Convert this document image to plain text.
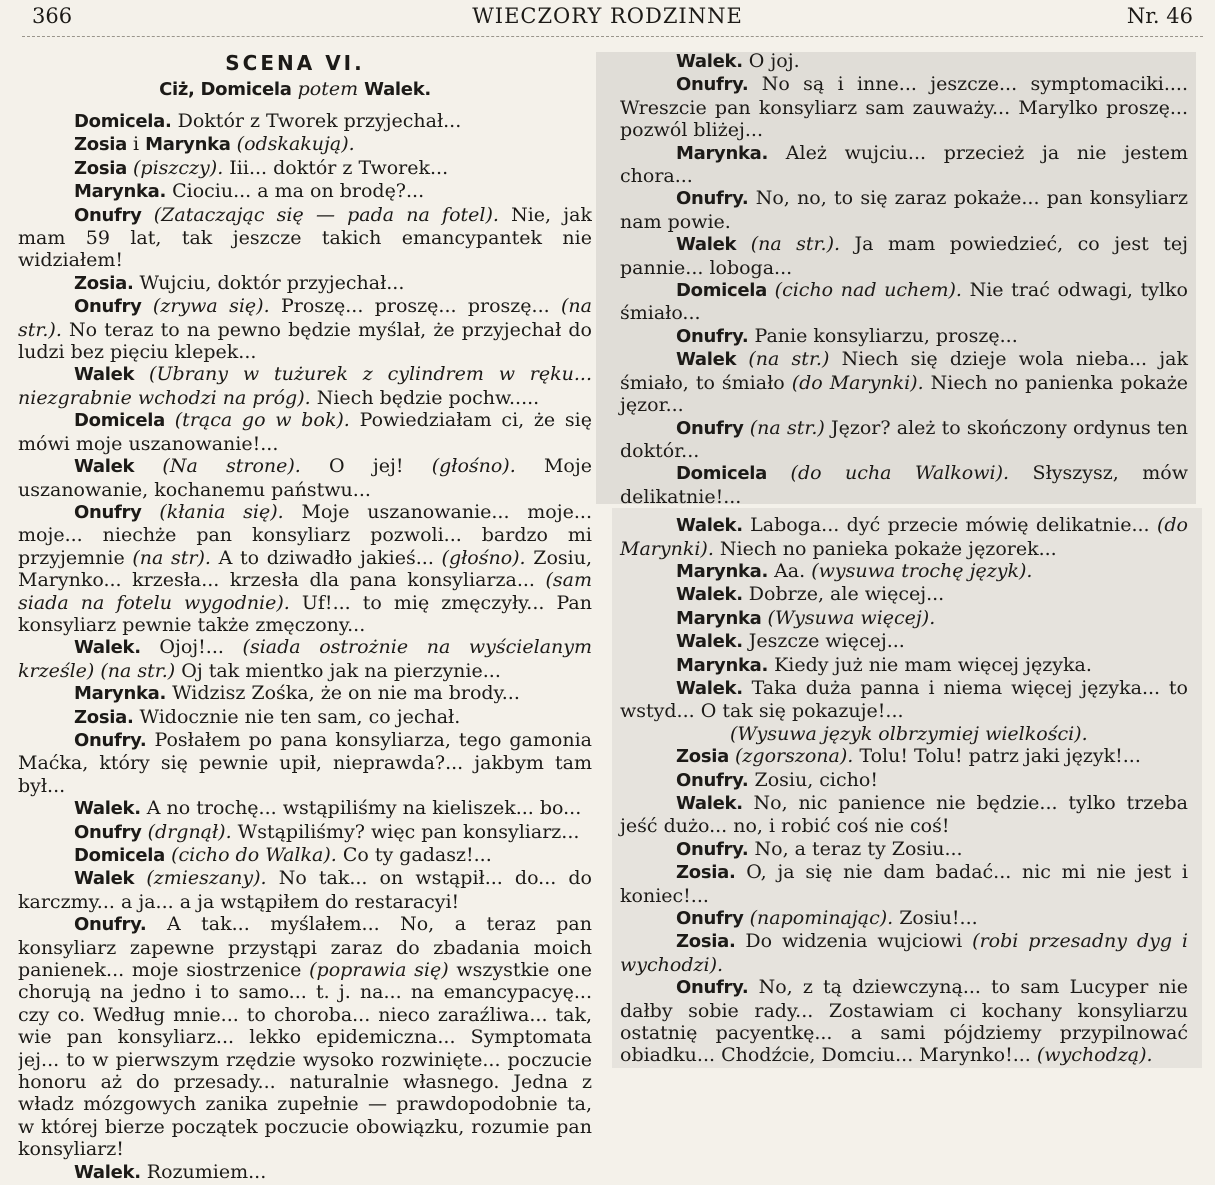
366	WIECZORY RODZINNE	Nr. 46
SCENA VI.
Ciż, Domicela potem Walek.

Domicela. Doktór z Tworek przyjechał...

Zosia i Marynka (odskakują).

Zosia (piszczy). Iii... doktór z Tworek...

Marynka. Ciociu... a ma on brodę?...

Onufry (Zataczając się — pada na fotel). Nie, jak mam 59 lat, tak jeszcze takich emancypantek nie widziałem!

Zosia. Wujciu, doktór przyjechał...

Onufry (zrywa się). Proszę... proszę... proszę... (na str.). No teraz to na pewno będzie myślał, że przyjechał do ludzi bez pięciu klepek...

Walek (Ubrany w tużurek z cylindrem w ręku... niezgrabnie wchodzi na próg). Niech będzie pochw.....

Domicela (trąca go w bok). Powiedziałam ci, że się mówi moje uszanowanie!...

Walek (Na strone). O jej! (głośno). Moje uszanowanie, kochanemu państwu...

Onufry (kłania się). Moje uszanowanie... moje... moje... niechże pan konsyliarz pozwoli... bardzo mi przyjemnie (na str). A to dziwadło jakieś... (głośno). Zosiu, Marynko... krzesła... krzesła dla pana konsyliarza... (sam siada na fotelu wygodnie). Uf!... to mię zmęczyły... Pan konsyliarz pewnie także zmęczony...

Walek. Ojoj!... (siada ostrożnie na wyścielanym krześle) (na str.) Oj tak mientko jak na pierzynie...

Marynka. Widzisz Zośka, że on nie ma brody...

Zosia. Widocznie nie ten sam, co jechał.

Onufry. Posłałem po pana konsyliarza, tego gamonia Maćka, który się pewnie upił, nieprawda?... jakbym tam był...

Walek. A no trochę... wstąpiliśmy na kieliszek... bo...

Onufry (drgnął). Wstąpiliśmy? więc pan konsyliarz...

Domicela (cicho do Walka). Co ty gadasz!...

Walek (zmieszany). No tak... on wstąpił... do... do karczmy... a ja... a ja wstąpiłem do restaracyi!

Onufry. A tak... myślałem... No, a teraz pan konsyliarz zapewne przystąpi zaraz do zbadania moich panienek... moje siostrzenice (poprawia się) wszystkie one chorują na jedno i to samo... t. j. na... na emancypacyę... czy co. Według mnie... to choroba... nieco zaraźliwa... tak, wie pan konsyliarz... lekko epidemiczna... Symptomata jej... to w pierwszym rzędzie wysoko rozwinięte... poczucie honoru aż do przesady... naturalnie własnego. Jedna z władz mózgowych zanika zupełnie — prawdopodobnie ta, w której bierze początek poczucie obowiązku, rozumie pan konsyliarz!

Walek. Rozumiem...

Walek. O joj.

Onufry. No są i inne... jeszcze... symptomaciki.... Wreszcie pan konsyliarz sam zauważy... Marylko proszę... pozwól bliżej...

Marynka. Ależ wujciu... przecież ja nie jestem chora...

Onufry. No, no, to się zaraz pokaże... pan konsyliarz nam powie.

Walek (na str.). Ja mam powiedzieć, co jest tej pannie... loboga...

Domicela (cicho nad uchem). Nie trać odwagi, tylko śmiało...

Onufry. Panie konsyliarzu, proszę...

Walek (na str.) Niech się dzieje wola nieba... jak śmiało, to śmiało (do Marynki). Niech no panienka pokaże jęzor...

Onufry (na str.) Jęzor? ależ to skończony ordynus ten doktór...

Domicela (do ucha Walkowi). Słyszysz, mów delikatnie!...

Walek. Laboga... dyć przecie mówię delikatnie... (do Marynki). Niech no panieka pokaże jęzorek...

Marynka. Aa. (wysuwa trochę język).

Walek. Dobrze, ale więcej...

Marynka (Wysuwa więcej).

Walek. Jeszcze więcej...

Marynka. Kiedy już nie mam więcej języka.

Walek. Taka duża panna i niema więcej języka... to wstyd... O tak się pokazuje!...

(Wysuwa język olbrzymiej wielkości).

Zosia (zgorszona). Tolu! Tolu! patrz jaki język!...

Onufry. Zosiu, cicho!

Walek. No, nic panience nie będzie... tylko trzeba jeść dużo... no, i robić coś nie coś!

Onufry. No, a teraz ty Zosiu...

Zosia. O, ja się nie dam badać... nic mi nie jest i koniec!...

Onufry (napominając). Zosiu!...

Zosia. Do widzenia wujciowi (robi przesadny dyg i wychodzi).

Onufry. No, z tą dziewczyną... to sam Lucyper nie dałby sobie rady... Zostawiam ci kochany konsyliarzu ostatnię pacyentkę... a sami pójdziemy przypilnować obiadku... Chodźcie, Domciu... Marynko!... (wychodzą).
